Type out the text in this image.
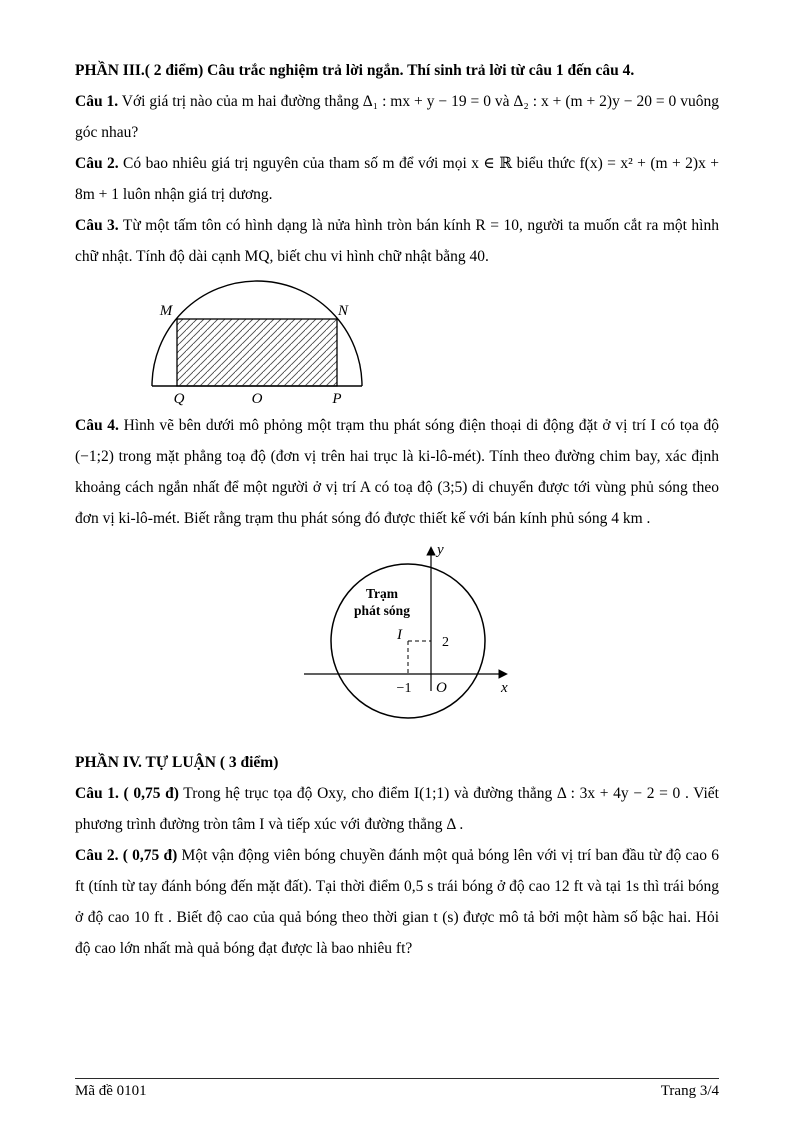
PHẦN III.( 2 điểm) Câu trắc nghiệm trả lời ngắn. Thí sinh trả lời từ câu 1 đến câu 4.

Câu 1. Với giá trị nào của m hai đường thẳng Δ₁ : mx + y − 19 = 0 và Δ₂ : x + (m + 2)y − 20 = 0 vuông góc nhau?

Câu 2. Có bao nhiêu giá trị nguyên của tham số m để với mọi x ∈ ℝ biểu thức f(x) = x² + (m + 2)x + 8m + 1 luôn nhận giá trị dương.

Câu 3. Từ một tấm tôn có hình dạng là nửa hình tròn bán kính R = 10, người ta muốn cắt ra một hình chữ nhật. Tính độ dài cạnh MQ, biết chu vi hình chữ nhật bằng 40.

M	N
Q	O	P

Câu 4. Hình vẽ bên dưới mô phỏng một trạm thu phát sóng điện thoại di động đặt ở vị trí I có tọa độ (−1;2) trong mặt phẳng toạ độ (đơn vị trên hai trục là ki-lô-mét). Tính theo đường chim bay, xác định khoảng cách ngắn nhất để một người ở vị trí A có toạ độ (3;5) di chuyển được tới vùng phủ sóng theo đơn vị ki-lô-mét. Biết rằng trạm thu phát sóng đó được thiết kế với bán kính phủ sóng 4 km .

Trạm
phát sóng
I	2
−1 O	x
y

PHẦN IV. TỰ LUẬN ( 3 điểm)

Câu 1. ( 0,75 đ) Trong hệ trục tọa độ Oxy, cho điểm I(1;1) và đường thẳng Δ : 3x + 4y − 2 = 0 . Viết phương trình đường tròn tâm I và tiếp xúc với đường thẳng Δ .

Câu 2. ( 0,75 đ) Một vận động viên bóng chuyền đánh một quả bóng lên với vị trí ban đầu từ độ cao 6 ft (tính từ tay đánh bóng đến mặt đất). Tại thời điểm 0,5 s trái bóng ở độ cao 12 ft và tại 1s thì trái bóng ở độ cao 10 ft . Biết độ cao của quả bóng theo thời gian t (s) được mô tả bởi một hàm số bậc hai. Hỏi độ cao lớn nhất mà quả bóng đạt được là bao nhiêu ft?

Mã đề 0101	Trang 3/4
